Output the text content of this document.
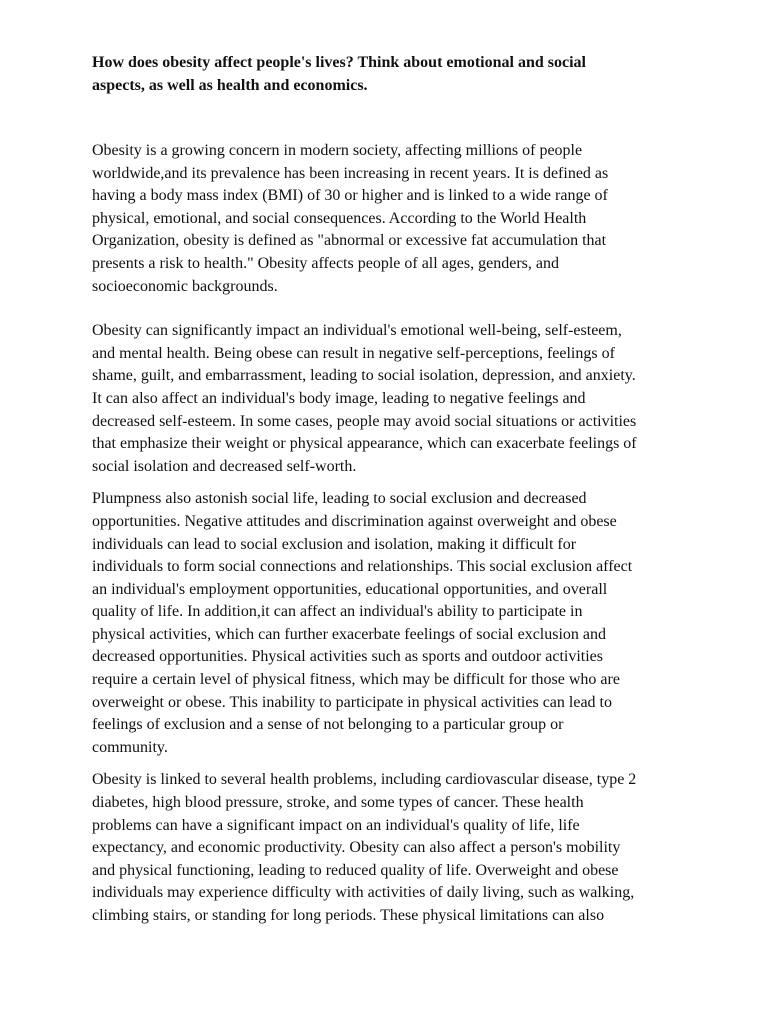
How does obesity affect people's lives? Think about emotional and social
aspects, as well as health and economics.

Obesity is a growing concern in modern society, affecting millions of people
worldwide,and its prevalence has been increasing in recent years. It is defined as
having a body mass index (BMI) of 30 or higher and is linked to a wide range of
physical, emotional, and social consequences. According to the World Health
Organization, obesity is defined as "abnormal or excessive fat accumulation that
presents a risk to health." Obesity affects people of all ages, genders, and
socioeconomic backgrounds.

Obesity can significantly impact an individual's emotional well-being, self-esteem,
and mental health. Being obese can result in negative self-perceptions, feelings of
shame, guilt, and embarrassment, leading to social isolation, depression, and anxiety.
It can also affect an individual's body image, leading to negative feelings and
decreased self-esteem. In some cases, people may avoid social situations or activities
that emphasize their weight or physical appearance, which can exacerbate feelings of
social isolation and decreased self-worth.

Plumpness also astonish social life, leading to social exclusion and decreased
opportunities. Negative attitudes and discrimination against overweight and obese
individuals can lead to social exclusion and isolation, making it difficult for
individuals to form social connections and relationships. This social exclusion affect
an individual's employment opportunities, educational opportunities, and overall
quality of life. In addition,it can affect an individual's ability to participate in
physical activities, which can further exacerbate feelings of social exclusion and
decreased opportunities. Physical activities such as sports and outdoor activities
require a certain level of physical fitness, which may be difficult for those who are
overweight or obese. This inability to participate in physical activities can lead to
feelings of exclusion and a sense of not belonging to a particular group or
community.

Obesity is linked to several health problems, including cardiovascular disease, type 2
diabetes, high blood pressure, stroke, and some types of cancer. These health
problems can have a significant impact on an individual's quality of life, life
expectancy, and economic productivity. Obesity can also affect a person's mobility
and physical functioning, leading to reduced quality of life. Overweight and obese
individuals may experience difficulty with activities of daily living, such as walking,
climbing stairs, or standing for long periods. These physical limitations can also
